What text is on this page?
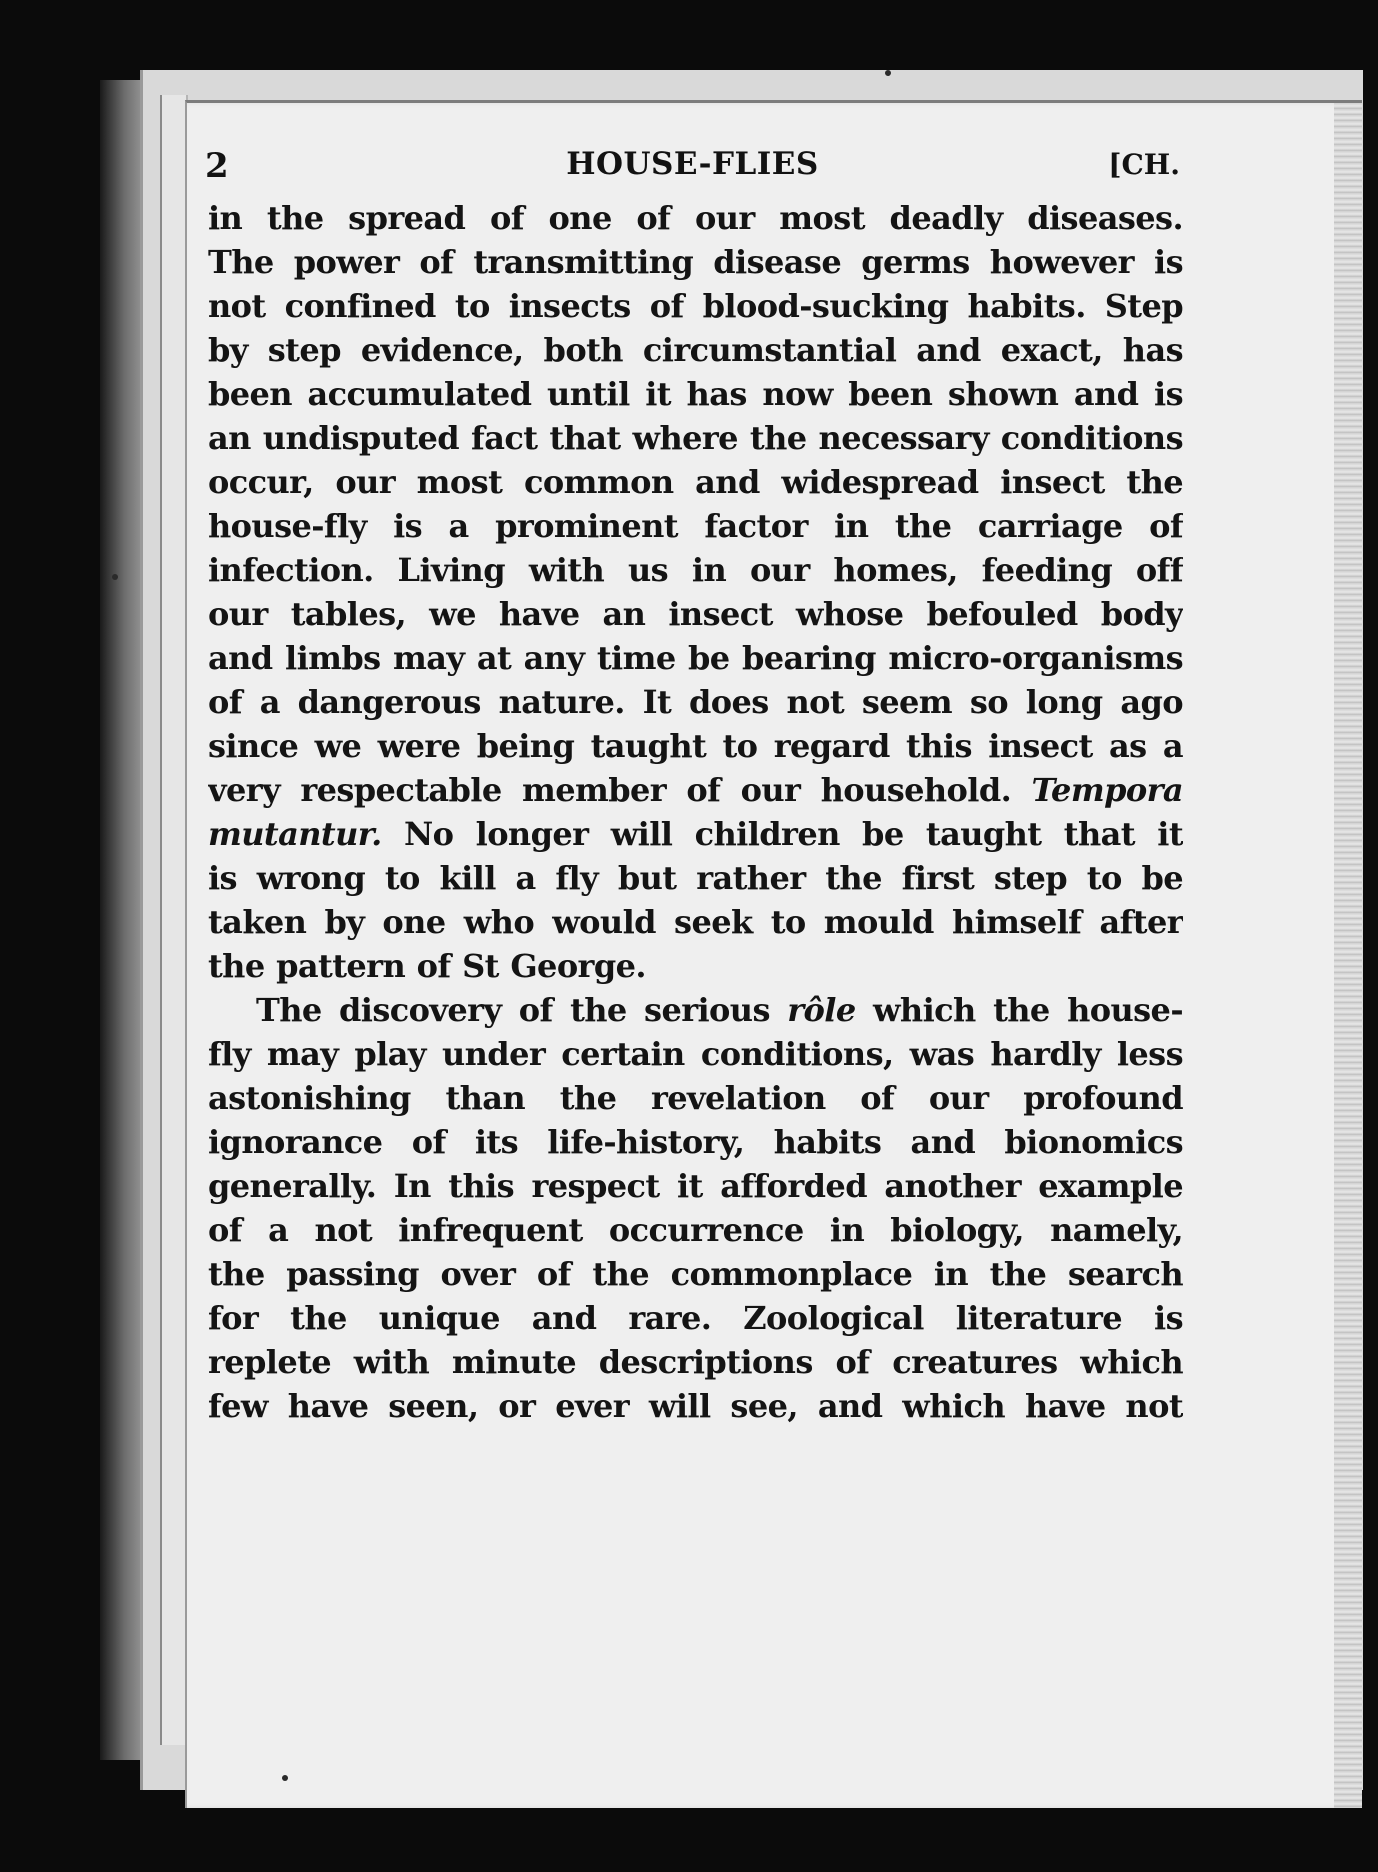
2	HOUSE-FLIES	[CH.
in the spread of one of our most deadly diseases.
The power of transmitting disease germs however is
not confined to insects of blood-sucking habits. Step
by step evidence, both circumstantial and exact, has
been accumulated until it has now been shown and is
an undisputed fact that where the necessary conditions
occur, our most common and widespread insect the
house-fly is a prominent factor in the carriage of
infection. Living with us in our homes, feeding off
our tables, we have an insect whose befouled body
and limbs may at any time be bearing micro-organisms
of a dangerous nature. It does not seem so long ago
since we were being taught to regard this insect as a
very respectable member of our household. Tempora
mutantur. No longer will children be taught that it
is wrong to kill a fly but rather the first step to be
taken by one who would seek to mould himself after
the pattern of St George.
The discovery of the serious rôle which the house-
fly may play under certain conditions, was hardly less
astonishing than the revelation of our profound
ignorance of its life-history, habits and bionomics
generally. In this respect it afforded another example
of a not infrequent occurrence in biology, namely,
the passing over of the commonplace in the search
for the unique and rare. Zoological literature is
replete with minute descriptions of creatures which
few have seen, or ever will see, and which have not
